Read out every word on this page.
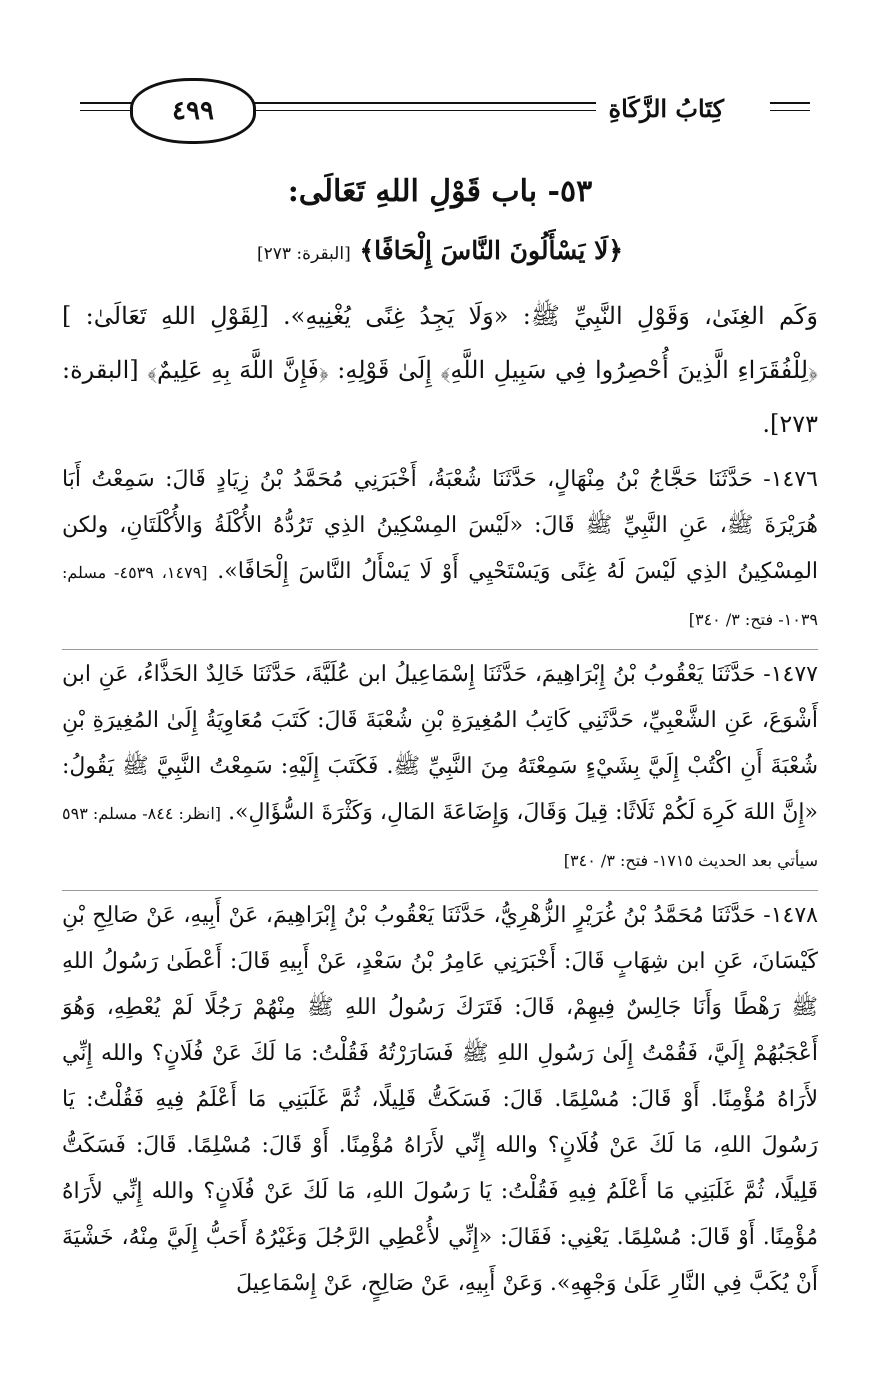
٤٩٩	كِتَابُ الزَّكَاةِ
٥٣- باب قَوْلِ اللهِ تَعَالَى:
﴿لَا يَسْأَلُونَ النَّاسَ إِلْحَافًا﴾ [البقرة: ٢٧٣]

وَكَم الغِنَىٰ، وَقَوْلِ النَّبِيِّ ﷺ: «وَلَا يَجِدُ غِنًى يُغْنِيهِ». [لِقَوْلِ اللهِ تَعَالَىٰ: ] ﴿لِلْفُقَرَاءِ الَّذِينَ أُحْصِرُوا فِي سَبِيلِ اللَّهِ﴾ إِلَىٰ قَوْلِهِ: ﴿فَإِنَّ اللَّهَ بِهِ عَلِيمٌ﴾ [البقرة: ٢٧٣].

١٤٧٦- حَدَّثَنَا حَجَّاجُ بْنُ مِنْهَالٍ، حَدَّثَنَا شُعْبَةُ، أَخْبَرَنِي مُحَمَّدُ بْنُ زِيَادٍ قَالَ: سَمِعْتُ أَبَا هُرَيْرَةَ ﷺ، عَنِ النَّبِيِّ ﷺ قَالَ: «لَيْسَ المِسْكِينُ الذِي تَرُدُّهُ الأُكْلَةُ وَالأُكْلَتَانِ، ولكن المِسْكِينُ الذِي لَيْسَ لَهُ غِنًى وَيَسْتَحْيِي أَوْ لَا يَسْأَلُ النَّاسَ إِلْحَافًا». [١٤٧٩، ٤٥٣٩- مسلم: ١٠٣٩- فتح: ٣/ ٣٤٠]

١٤٧٧- حَدَّثَنَا يَعْقُوبُ بْنُ إِبْرَاهِيمَ، حَدَّثَنَا إِسْمَاعِيلُ ابن عُلَيَّةَ، حَدَّثَنَا خَالِدٌ الحَذَّاءُ، عَنِ ابن أَشْوَعَ، عَنِ الشَّعْبِيِّ، حَدَّثَنِي كَاتِبُ المُغِيرَةِ بْنِ شُعْبَةَ قَالَ: كَتَبَ مُعَاوِيَةُ إِلَىٰ المُغِيرَةِ بْنِ شُعْبَةَ أَنِ اكْتُبْ إِلَيَّ بِشَيْءٍ سَمِعْتَهُ مِنَ النَّبِيِّ ﷺ. فَكَتَبَ إِلَيْهِ: سَمِعْتُ النَّبِيَّ ﷺ يَقُولُ: «إِنَّ اللهَ كَرِهَ لَكُمْ ثَلَاثًا: قِيلَ وَقَالَ، وَإِضَاعَةَ المَالِ، وَكَثْرَةَ السُّؤَالِ». [انظر: ٨٤٤- مسلم: ٥٩٣ سيأتي بعد الحديث ١٧١٥- فتح: ٣/ ٣٤٠]

١٤٧٨- حَدَّثَنَا مُحَمَّدُ بْنُ غُرَيْرٍ الزُّهْرِيُّ، حَدَّثَنَا يَعْقُوبُ بْنُ إِبْرَاهِيمَ، عَنْ أَبِيهِ، عَنْ صَالِحِ بْنِ كَيْسَانَ، عَنِ ابن شِهَابٍ قَالَ: أَخْبَرَنِي عَامِرُ بْنُ سَعْدٍ، عَنْ أَبِيهِ قَالَ: أَعْطَىٰ رَسُولُ اللهِ ﷺ رَهْطًا وَأَنَا جَالِسٌ فِيهِمْ، قَالَ: فَتَرَكَ رَسُولُ اللهِ ﷺ مِنْهُمْ رَجُلًا لَمْ يُعْطِهِ، وَهُوَ أَعْجَبُهُمْ إِلَيَّ، فَقُمْتُ إِلَىٰ رَسُولِ اللهِ ﷺ فَسَارَرْتُهُ فَقُلْتُ: مَا لَكَ عَنْ فُلَانٍ؟ والله إِنِّي لأَرَاهُ مُؤْمِنًا. أَوْ قَالَ: مُسْلِمًا. قَالَ: فَسَكَتُّ قَلِيلًا، ثُمَّ غَلَبَنِي مَا أَعْلَمُ فِيهِ فَقُلْتُ: يَا رَسُولَ اللهِ، مَا لَكَ عَنْ فُلَانٍ؟ والله إِنِّي لأَرَاهُ مُؤْمِنًا. أَوْ قَالَ: مُسْلِمًا. قَالَ: فَسَكَتُّ قَلِيلًا، ثُمَّ غَلَبَنِي مَا أَعْلَمُ فِيهِ فَقُلْتُ: يَا رَسُولَ اللهِ، مَا لَكَ عَنْ فُلَانٍ؟ والله إِنِّي لأَرَاهُ مُؤْمِنًا. أَوْ قَالَ: مُسْلِمًا. يَعْنِي: فَقَالَ: «إِنِّي لأُعْطِي الرَّجُلَ وَغَيْرُهُ أَحَبُّ إِلَيَّ مِنْهُ، خَشْيَةَ أَنْ يُكَبَّ فِي النَّارِ عَلَىٰ وَجْهِهِ». وَعَنْ أَبِيهِ، عَنْ صَالِحٍ، عَنْ إِسْمَاعِيلَ
